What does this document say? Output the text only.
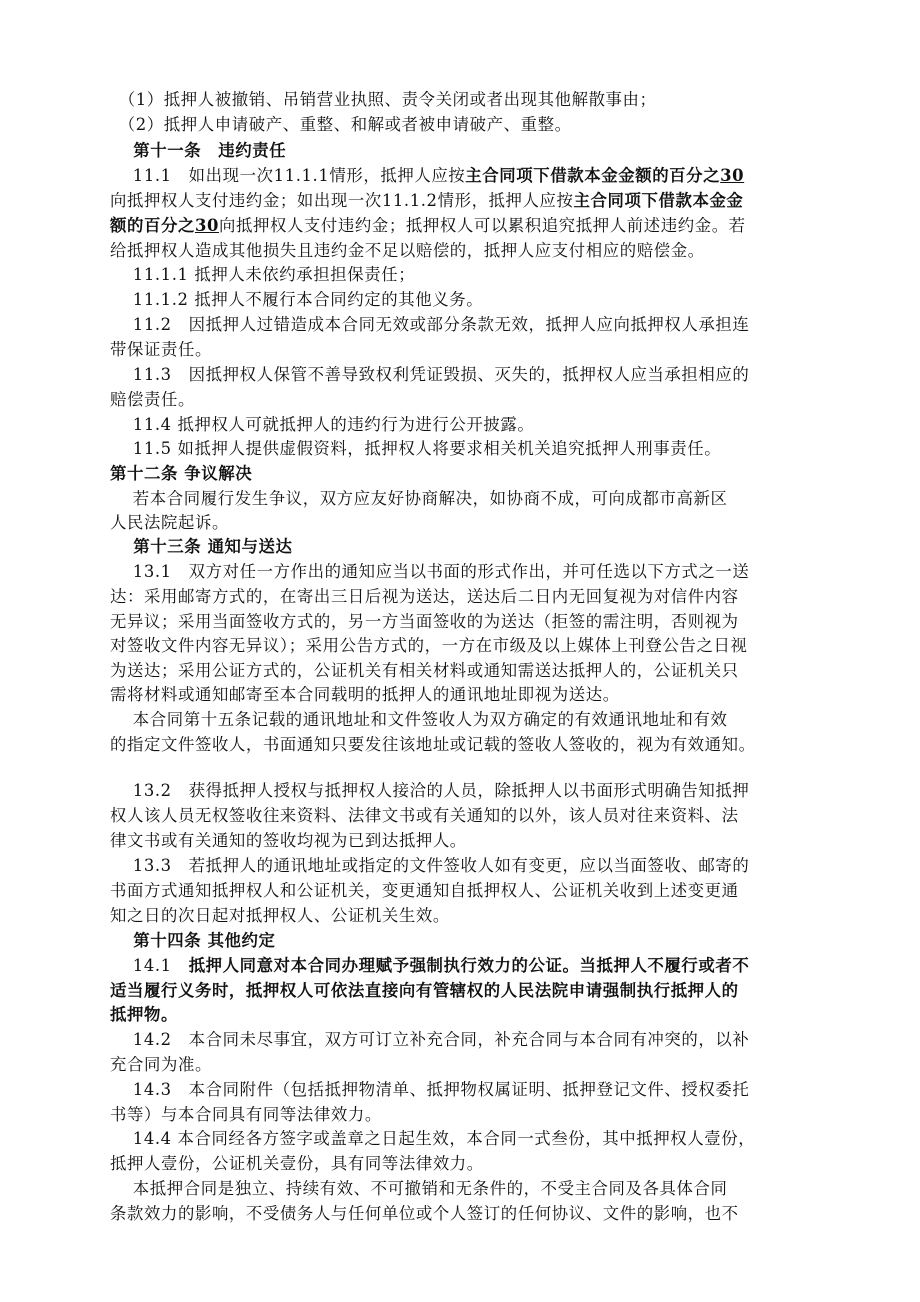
　（1）抵押人被撤销、吊销营业执照、责令关闭或者出现其他解散事由；
　（2）抵押人申请破产、重整、和解或者被申请破产、重整。
　 第十一条　违约责任
　 11.1　如出现一次11.1.1情形，抵押人应按主合同项下借款本金金额的百分之30
向抵押权人支付违约金；如出现一次11.1.2情形，抵押人应按主合同项下借款本金金
额的百分之30向抵押权人支付违约金；抵押权人可以累积追究抵押人前述违约金。若
给抵押权人造成其他损失且违约金不足以赔偿的，抵押人应支付相应的赔偿金。
　 11.1.1 抵押人未依约承担担保责任；
　 11.1.2 抵押人不履行本合同约定的其他义务。
　 11.2　因抵押人过错造成本合同无效或部分条款无效，抵押人应向抵押权人承担连
带保证责任。
　 11.3　因抵押权人保管不善导致权利凭证毁损、灭失的，抵押权人应当承担相应的
赔偿责任。
　 11.4 抵押权人可就抵押人的违约行为进行公开披露。
　 11.5 如抵押人提供虚假资料，抵押权人将要求相关机关追究抵押人刑事责任。
第十二条 争议解决
　 若本合同履行发生争议，双方应友好协商解决，如协商不成，可向成都市高新区
人民法院起诉。
　 第十三条 通知与送达
　 13.1　双方对任一方作出的通知应当以书面的形式作出，并可任选以下方式之一送
达：采用邮寄方式的，在寄出三日后视为送达，送达后二日内无回复视为对信件内容
无异议；采用当面签收方式的，另一方当面签收的为送达（拒签的需注明，否则视为
对签收文件内容无异议）；采用公告方式的，一方在市级及以上媒体上刊登公告之日视
为送达；采用公证方式的，公证机关有相关材料或通知需送达抵押人的，公证机关只
需将材料或通知邮寄至本合同载明的抵押人的通讯地址即视为送达。
　 本合同第十五条记载的通讯地址和文件签收人为双方确定的有效通讯地址和有效
的指定文件签收人，书面通知只要发往该地址或记载的签收人签收的，视为有效通知。
　 13.2　获得抵押人授权与抵押权人接洽的人员，除抵押人以书面形式明确告知抵押
权人该人员无权签收往来资料、法律文书或有关通知的以外，该人员对往来资料、法
律文书或有关通知的签收均视为已到达抵押人。
　 13.3　若抵押人的通讯地址或指定的文件签收人如有变更，应以当面签收、邮寄的
书面方式通知抵押权人和公证机关，变更通知自抵押权人、公证机关收到上述变更通
知之日的次日起对抵押权人、公证机关生效。
　 第十四条 其他约定
　 14.1　抵押人同意对本合同办理赋予强制执行效力的公证。当抵押人不履行或者不
适当履行义务时，抵押权人可依法直接向有管辖权的人民法院申请强制执行抵押人的
抵押物。
　 14.2　本合同未尽事宜，双方可订立补充合同，补充合同与本合同有冲突的，以补
充合同为准。
　 14.3　本合同附件（包括抵押物清单、抵押物权属证明、抵押登记文件、授权委托
书等）与本合同具有同等法律效力。
　 14.4 本合同经各方签字或盖章之日起生效，本合同一式叁份，其中抵押权人壹份，
抵押人壹份，公证机关壹份，具有同等法律效力。
　 本抵押合同是独立、持续有效、不可撤销和无条件的，不受主合同及各具体合同
条款效力的影响，不受债务人与任何单位或个人签订的任何协议、文件的影响，也不
